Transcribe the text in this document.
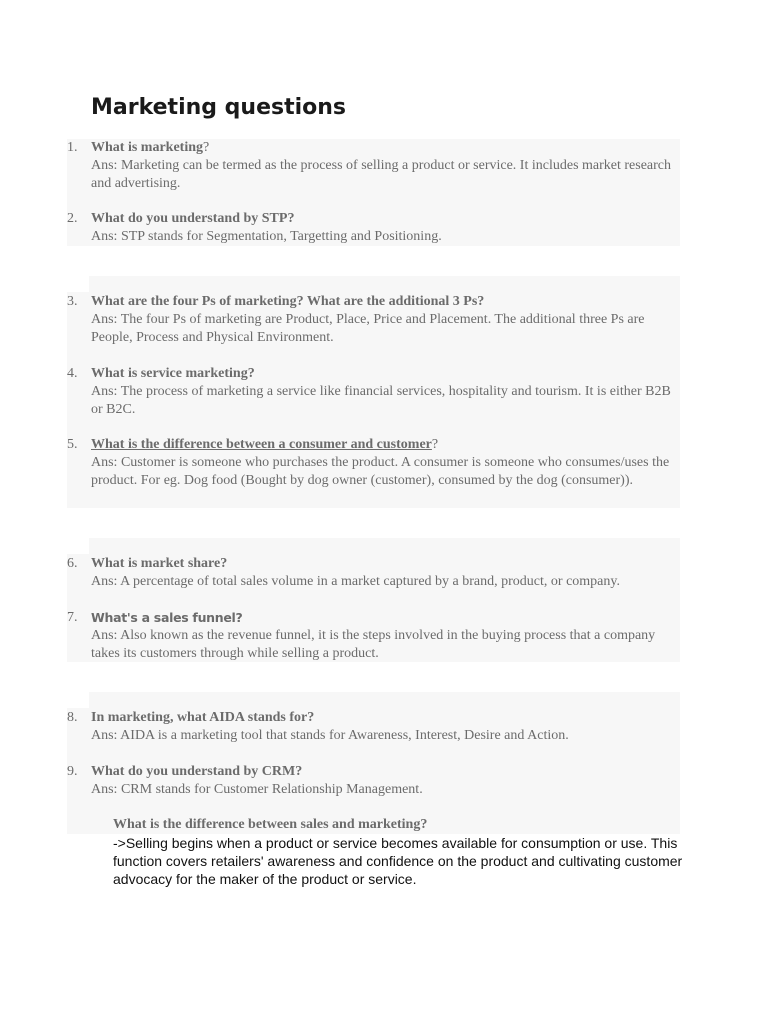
Marketing questions
1. What is marketing?

Ans: Marketing can be termed as the process of selling a product or service. It includes market research and advertising.

2. What do you understand by STP?

Ans: STP stands for Segmentation, Targetting and Positioning.

3. What are the four Ps of marketing? What are the additional 3 Ps?

Ans: The four Ps of marketing are Product, Place, Price and Placement. The additional three Ps are People, Process and Physical Environment.

4. What is service marketing?

Ans: The process of marketing a service like financial services, hospitality and tourism. It is either B2B or B2C.

5. What is the difference between a consumer and customer?

Ans: Customer is someone who purchases the product. A consumer is someone who consumes/uses the product. For eg. Dog food (Bought by dog owner (customer), consumed by the dog (consumer)).

6. What is market share?

Ans: A percentage of total sales volume in a market captured by a brand, product, or company.

7.	What's a sales funnel?

Ans: Also known as the revenue funnel, it is the steps involved in the buying process that a company takes its customers through while selling a product.

8. In marketing, what AIDA stands for?

Ans: AIDA is a marketing tool that stands for Awareness, Interest, Desire and Action.

9. What do you understand by CRM?

Ans: CRM stands for Customer Relationship Management.

What is the difference between sales and marketing?

->Selling begins when a product or service becomes available for consumption or use. This function covers retailers' awareness and confidence on the product and cultivating customer advocacy for the maker of the product or service.
